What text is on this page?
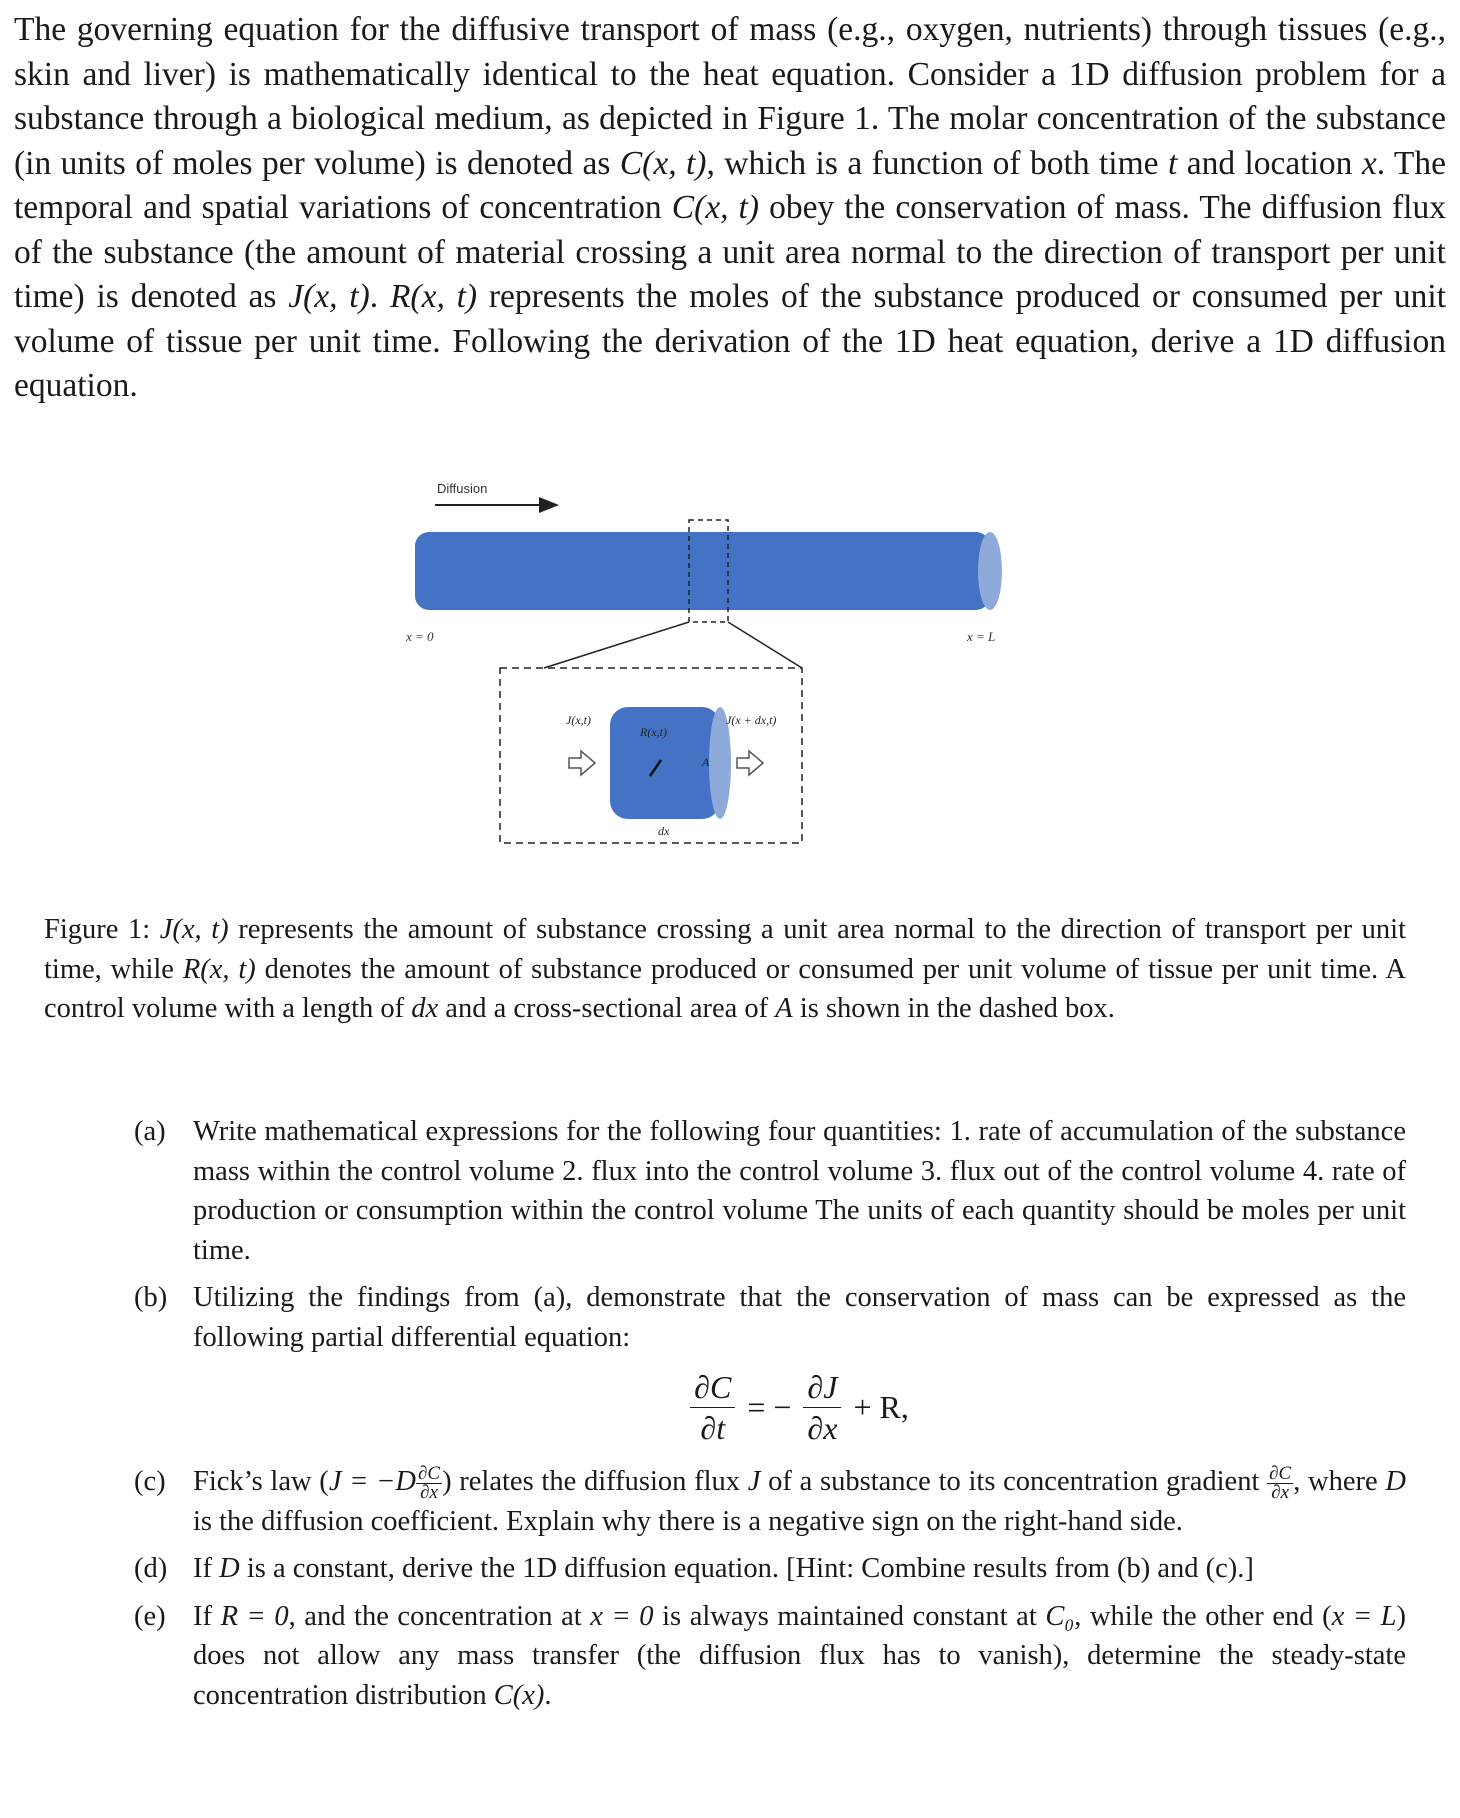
The governing equation for the diffusive transport of mass (e.g., oxygen, nutrients) through tissues (e.g., skin and liver) is mathematically identical to the heat equation. Consider a 1D diffusion problem for a substance through a biological medium, as depicted in Figure 1. The molar concentration of the substance (in units of moles per volume) is denoted as C(x, t), which is a function of both time t and location x. The temporal and spatial variations of concentration C(x, t) obey the conservation of mass. The diffusion flux of the substance (the amount of material crossing a unit area normal to the direction of transport per unit time) is denoted as J(x, t). R(x, t) represents the moles of the substance produced or consumed per unit volume of tissue per unit time. Following the derivation of the 1D heat equation, derive a 1D diffusion equation.
Diffusion
x = 0	x = L
R(x,t)
A
dx
J(x,t)	J(x + dx,t)
Figure 1: J(x, t) represents the amount of substance crossing a unit area normal to the direction of transport per unit time, while R(x, t) denotes the amount of substance produced or consumed per unit volume of tissue per unit time. A control volume with a length of dx and a cross-sectional area of A is shown in the dashed box.
(a) Write mathematical expressions for the following four quantities: 1. rate of accumulation of the substance mass within the control volume 2. flux into the control volume 3. flux out of the control volume 4. rate of production or consumption within the control volume The units of each quantity should be moles per unit time.
(b) Utilizing the findings from (a), demonstrate that the conservation of mass can be expressed as the following partial differential equation:
$\frac{\partial C}{\partial t}$ = − $\frac{\partial J}{\partial x} + R$,
(c) Fick’s law ($J = -D \frac{\partial C}{\partial x}$ ) relates the diffusion flux J of a substance to its concentration gradient $\frac{\partial C}{\partial x}$ , where D is the diffusion coefficient. Explain why there is a negative sign on the right-hand side.
(d) If D is a constant, derive the 1D diffusion equation. [Hint: Combine results from (b) and (c).]
(e) If R = 0, and the concentration at x = 0 is always maintained constant at C₀, while the other end (x = L) does not allow any mass transfer (the diffusion flux has to vanish), determine the steady-state concentration distribution C(x).
